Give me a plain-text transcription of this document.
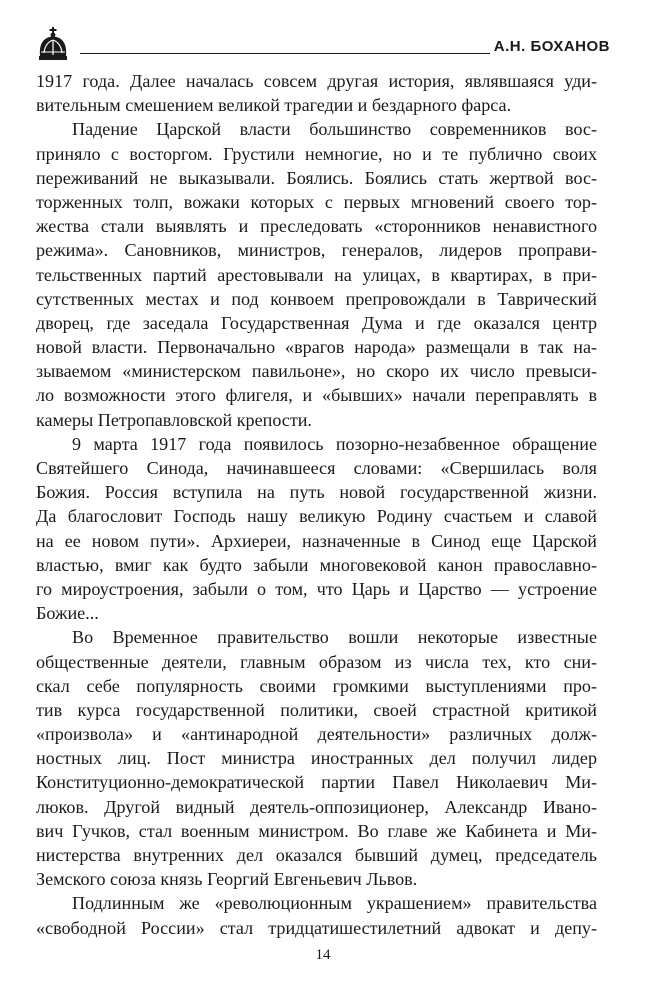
А.Н. БОХАНОВ
1917 года. Далее началась совсем другая история, являвшаяся уди-
вительным смешением великой трагедии и бездарного фарса.
Падение Царской власти большинство современников вос-
приняло с восторгом. Грустили немногие, но и те публично своих
переживаний не выказывали. Боялись. Боялись стать жертвой вос-
торженных толп, вожаки которых с первых мгновений своего тор-
жества стали выявлять и преследовать «сторонников ненавистного
режима». Сановников, министров, генералов, лидеров проправи-
тельственных партий арестовывали на улицах, в квартирах, в при-
сутственных местах и под конвоем препровождали в Таврический
дворец, где заседала Государственная Дума и где оказался центр
новой власти. Первоначально «врагов народа» размещали в так на-
зываемом «министерском павильоне», но скоро их число превыси-
ло возможности этого флигеля, и «бывших» начали переправлять в
камеры Петропавловской крепости.
9 марта 1917 года появилось позорно-незабвенное обращение
Святейшего Синода, начинавшееся словами: «Свершилась воля
Божия. Россия вступила на путь новой государственной жизни.
Да благословит Господь нашу великую Родину счастьем и славой
на ее новом пути». Архиереи, назначенные в Синод еще Царской
властью, вмиг как будто забыли многовековой канон православно-
го мироустроения, забыли о том, что Царь и Царство — устроение
Божие...
Во Временное правительство вошли некоторые известные
общественные деятели, главным образом из числа тех, кто сни-
скал себе популярность своими громкими выступлениями про-
тив курса государственной политики, своей страстной критикой
«произвола» и «антинародной деятельности» различных долж-
ностных лиц. Пост министра иностранных дел получил лидер
Конституционно-демократической партии Павел Николаевич Ми-
люков. Другой видный деятель-оппозиционер, Александр Ивано-
вич Гучков, стал военным министром. Во главе же Кабинета и Ми-
нистерства внутренних дел оказался бывший думец, председатель
Земского союза князь Георгий Евгеньевич Львов.
Подлинным же «революционным украшением» правительства
«свободной России» стал тридцатишестилетний адвокат и депу-
14
